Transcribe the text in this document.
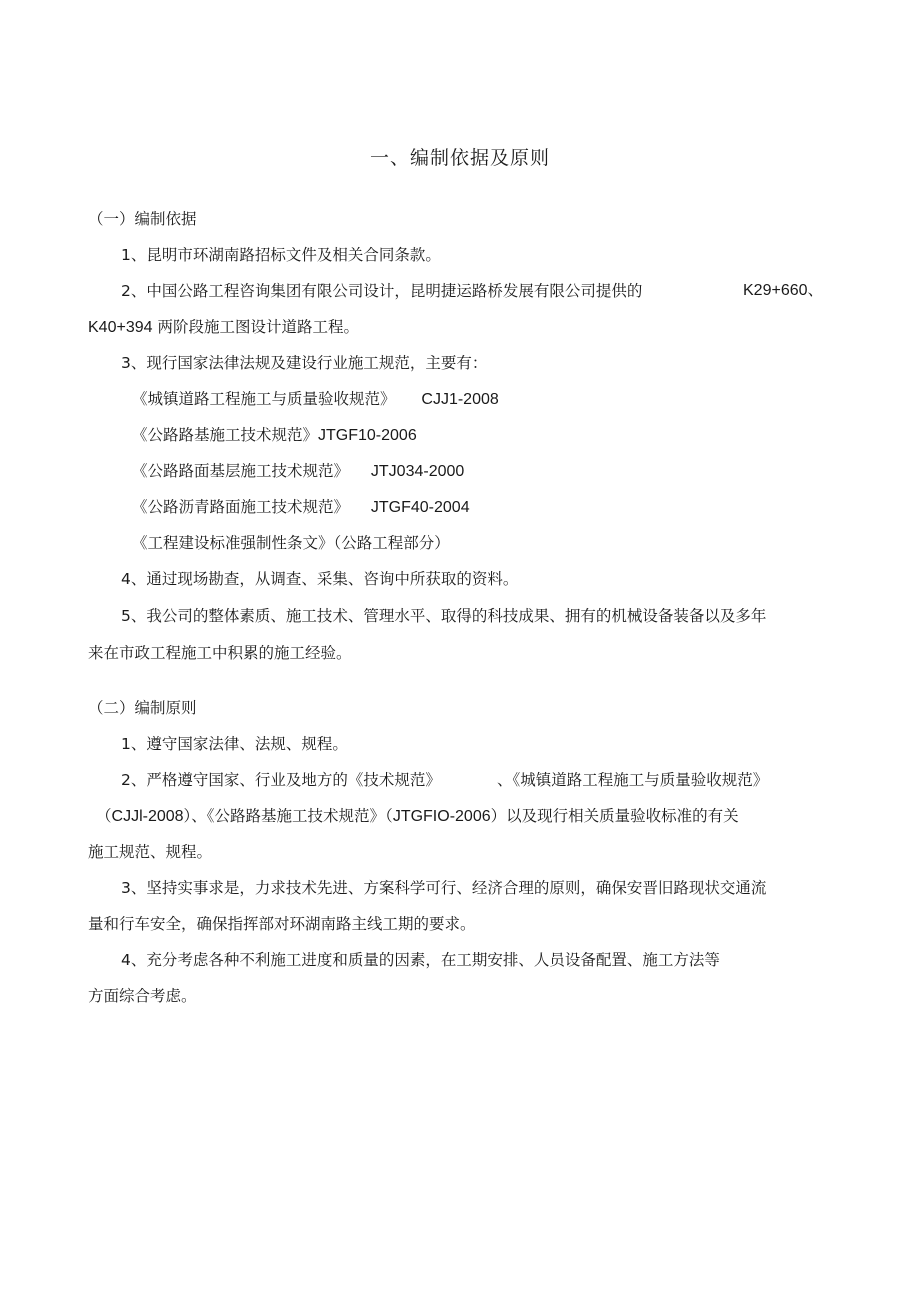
一、编制依据及原则
（一）编制依据
1、昆明市环湖南路招标文件及相关合同条款。
2、中国公路工程咨询集团有限公司设计，昆明捷运路桥发展有限公司提供的	K29+660、
K40+394 两阶段施工图设计道路工程。
3、现行国家法律法规及建设行业施工规范，主要有：
《城镇道路工程施工与质量验收规范》 CJJ1-2008
《公路路基施工技术规范》JTGF10-2006
《公路路面基层施工技术规范》 JTJ034-2000
《公路沥青路面施工技术规范》 JTGF40-2004
《工程建设标准强制性条文》（公路工程部分）
4、通过现场勘查，从调查、采集、咨询中所获取的资料。
5、我公司的整体素质、施工技术、管理水平、取得的科技成果、拥有的机械设备装备以及多年
来在市政工程施工中积累的施工经验。
（二）编制原则
1、遵守国家法律、法规、规程。
2、严格遵守国家、行业及地方的《技术规范》	、《城镇道路工程施工与质量验收规范》
（CJJl-2008）、《公路路基施工技术规范》（JTGFIO-2006）以及现行相关质量验收标准的有关
施工规范、规程。
3、坚持实事求是，力求技术先进、方案科学可行、经济合理的原则，确保安晋旧路现状交通流
量和行车安全，确保指挥部对环湖南路主线工期的要求。
4、充分考虑各种不利施工进度和质量的因素，在工期安排、人员设备配置、施工方法等
方面综合考虑。
